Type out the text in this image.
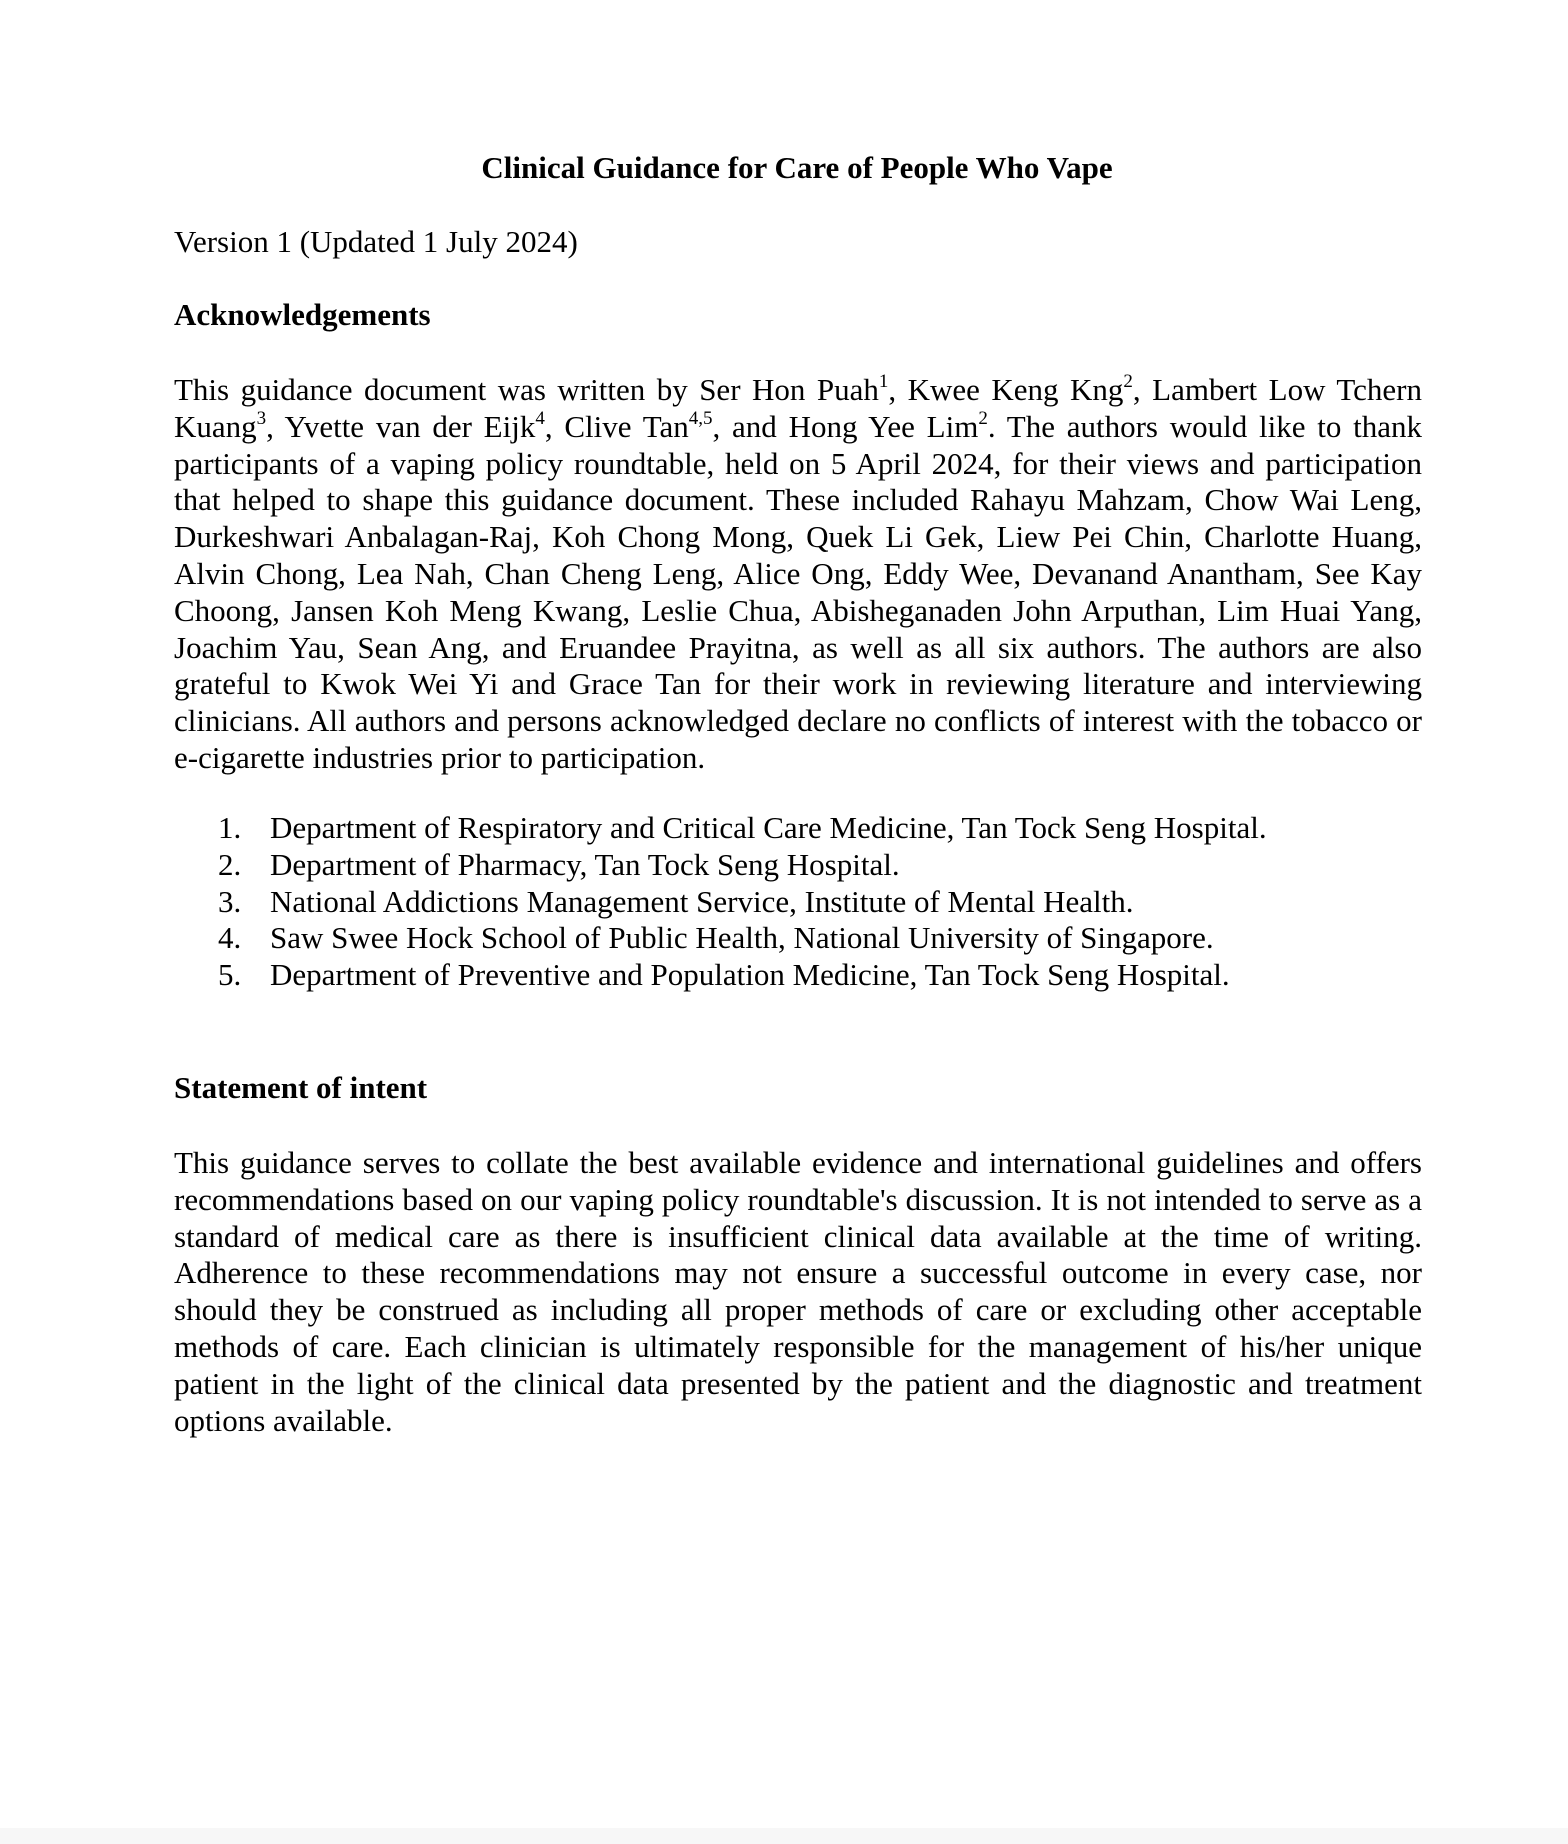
Clinical Guidance for Care of People Who Vape
Version 1 (Updated 1 July 2024)
Acknowledgements

This guidance document was written by Ser Hon Puah$^1$, Kwee Keng Kng$^2$, Lambert Low Tchern Kuang$^3$, Yvette van der Eijk$^4$, Clive Tan$^{4,5}$, and Hong Yee Lim$^2$. The authors would like to thank participants of a vaping policy roundtable, held on 5 April 2024, for their views and participation that helped to shape this guidance document. These included Rahayu Mahzam, Chow Wai Leng, Durkeshwari Anbalagan-Raj, Koh Chong Mong, Quek Li Gek, Liew Pei Chin, Charlotte Huang, Alvin Chong, Lea Nah, Chan Cheng Leng, Alice Ong, Eddy Wee, Devanand Anantham, See Kay Choong, Jansen Koh Meng Kwang, Leslie Chua, Abisheganaden John Arputhan, Lim Huai Yang, Joachim Yau, Sean Ang, and Eruandee Prayitna, as well as all six authors. The authors are also grateful to Kwok Wei Yi and Grace Tan for their work in reviewing literature and interviewing clinicians. All authors and persons acknowledged declare no conflicts of interest with the tobacco or e-cigarette industries prior to participation.

1. Department of Respiratory and Critical Care Medicine, Tan Tock Seng Hospital.
2. Department of Pharmacy, Tan Tock Seng Hospital.
3. National Addictions Management Service, Institute of Mental Health.
4. Saw Swee Hock School of Public Health, National University of Singapore.
5. Department of Preventive and Population Medicine, Tan Tock Seng Hospital.
Statement of intent

This guidance serves to collate the best available evidence and international guidelines and offers recommendations based on our vaping policy roundtable's discussion. It is not intended to serve as a standard of medical care as there is insufficient clinical data available at the time of writing. Adherence to these recommendations may not ensure a successful outcome in every case, nor should they be construed as including all proper methods of care or excluding other acceptable methods of care. Each clinician is ultimately responsible for the management of his/her unique patient in the light of the clinical data presented by the patient and the diagnostic and treatment options available.
